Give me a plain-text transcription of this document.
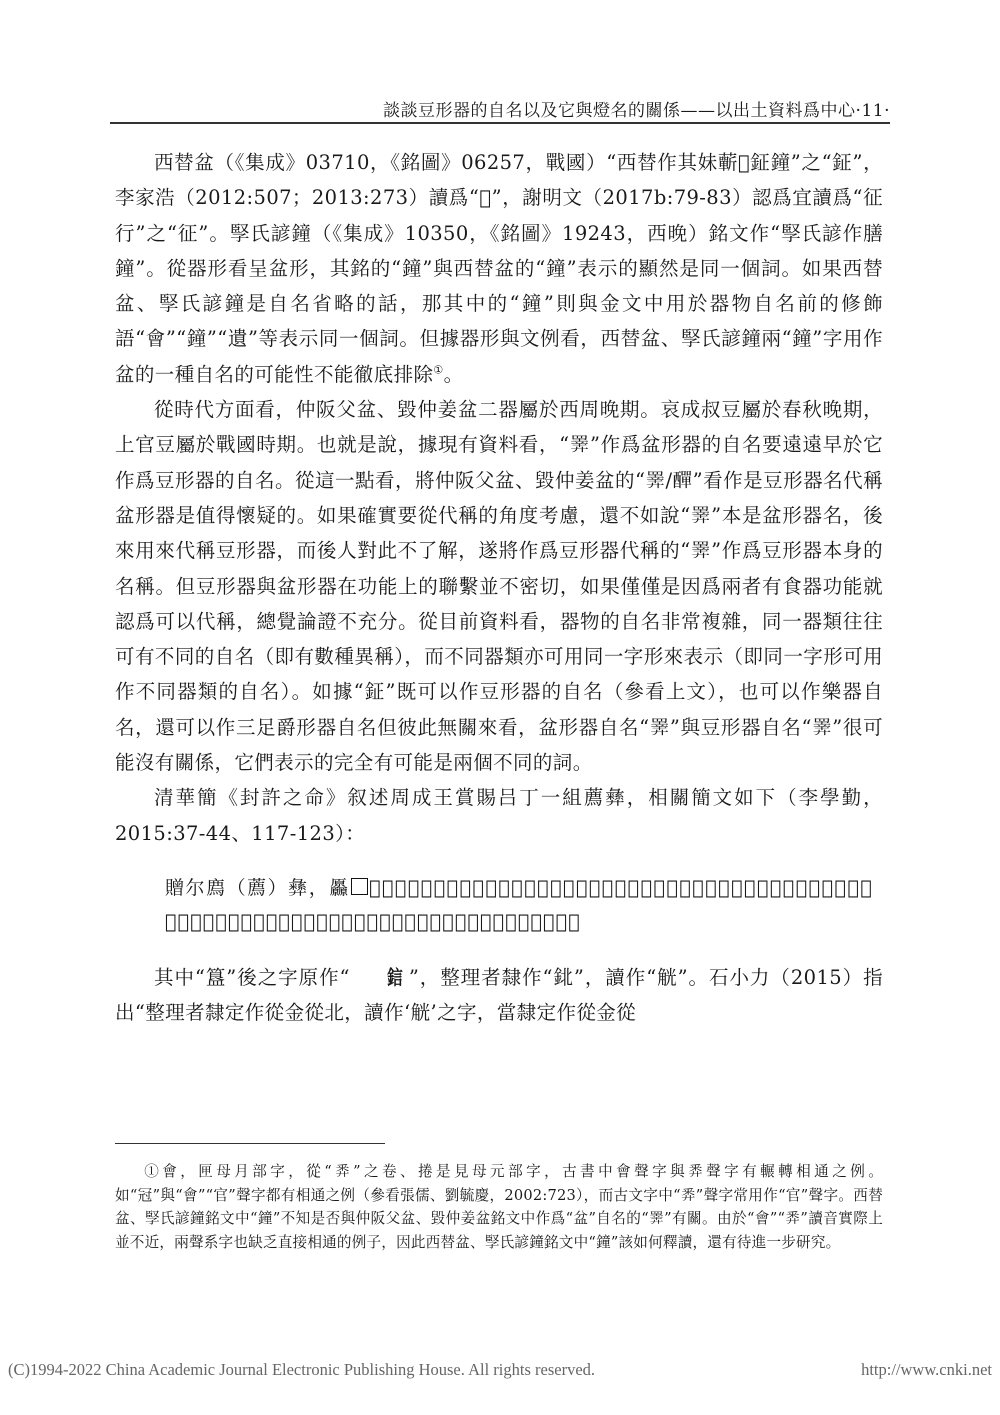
談談豆形器的自名以及它與燈名的關係——以出土資料爲中心·11·

西替盆（《集成》03710，《銘圖》06257，戰國）“西替作其妹蘄𨭯鉦鐘”之“鉦”，李家浩（2012:507；2013:273）讀爲“𪑟”，謝明文（2017b:79-83）認爲宜讀爲“征行”之“征”。孯氏諺鐘（《集成》10350，《銘圖》19243，西晚）銘文作“孯氏諺作膳鐘”。從器形看呈盆形，其銘的“鐘”與西替盆的“鐘”表示的顯然是同一個詞。如果西替盆、孯氏諺鐘是自名省略的話，那其中的“鐘”則與金文中用於器物自名前的修飾語“會”“鐘”“遺”等表示同一個詞。但據器形與文例看，西替盆、孯氏諺鐘兩“鐘”字用作盆的一種自名的可能性不能徹底排除①。

從時代方面看，仲阪父盆、毀仲姜盆二器屬於西周晚期。哀成叔豆屬於春秋晚期，上官豆屬於戰國時期。也就是說，據現有資料看，“𢍰”作爲盆形器的自名要遠遠早於它作爲豆形器的自名。從這一點看，將仲阪父盆、毀仲姜盆的“𢍰/𨢿”看作是豆形器名代稱盆形器是值得懷疑的。如果確實要從代稱的角度考慮，還不如說“𢍰”本是盆形器名，後來用來代稱豆形器，而後人對此不了解，遂將作爲豆形器代稱的“𢍰”作爲豆形器本身的名稱。但豆形器與盆形器在功能上的聯繫並不密切，如果僅僅是因爲兩者有食器功能就認爲可以代稱，總覺論證不充分。從目前資料看，器物的自名非常複雜，同一器類往往可有不同的自名（即有數種異稱），而不同器類亦可用同一字形來表示（即同一字形可用作不同器類的自名）。如據“鉦”既可以作豆形器的自名（參看上文），也可以作樂器自名，還可以作三足爵形器自名但彼此無關來看，盆形器自名“𢍰”與豆形器自名“𢍰”很可能沒有關係，它們表示的完全有可能是兩個不同的詞。

清華簡《封許之命》叙述周成王賞賜吕丁一組薦彝，相關簡文如下（李學勤，2015:37-44、117-123）：

贈尔廌（薦）彝，厵 𦙦𣬉，龍䖵（鬲）、䜌（𨈇）、䨏（鑵）、鉦、考彑、盤、監（鑑）、鍱（鍪）、䟭、周（雕）匧（匚）、鼑（鼎）、𣪕（簋）、鉳（觥）、鋊（卣）、𠯯（格）。

其中“簋”後之字原作“ 𨦼 ”，整理者隸作“鉳”，讀作“觥”。石小力（2015）指出“整理者隸定作從金從北，讀作‘觥’之字，當隸定作從金從

①會，匣母月部字，從“𢍏”之卷、捲是見母元部字，古書中會聲字與𢍏聲字有輾轉相通之例。如“冠”與“會”“官”聲字都有相通之例（參看張儒、劉毓慶，2002:723），而古文字中“𢍏”聲字常用作“官”聲字。西替盆、孯氏諺鐘銘文中“鐘”不知是否與仲阪父盆、毀仲姜盆銘文中作爲“盆”自名的“𢍰”有關。由於“會”“𢍏”讀音實際上並不近，兩聲系字也缺乏直接相通的例子，因此西替盆、孯氏諺鐘銘文中“鐘”該如何釋讀，還有待進一步研究。
(C)1994-2022 China Academic Journal Electronic Publishing House. All rights reserved.	http://www.cnki.net
